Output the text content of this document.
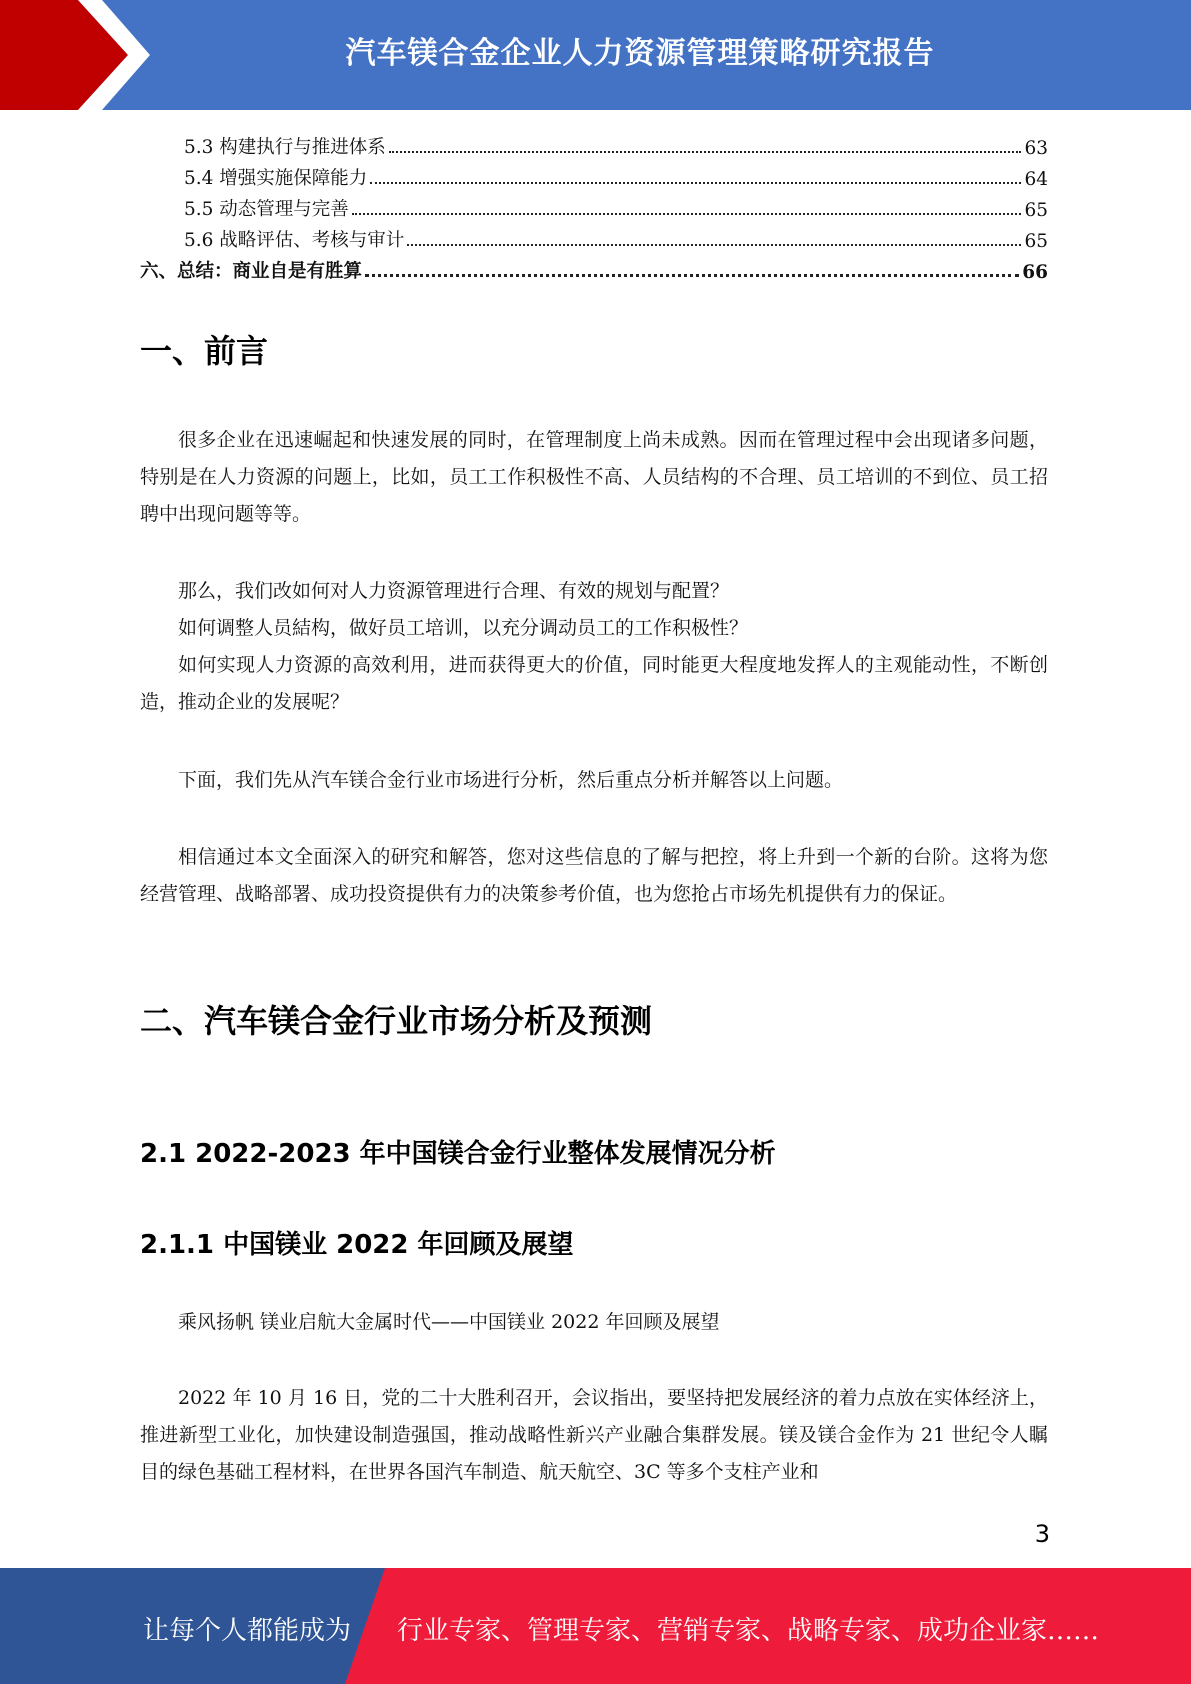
汽车镁合金企业人力资源管理策略研究报告
5.3 构建执行与推进体系	63
5.4 增强实施保障能力	64
5.5 动态管理与完善	65
5.6 战略评估、考核与审计	65
六、总结：商业自是有胜算	66
一、前言
很多企业在迅速崛起和快速发展的同时，在管理制度上尚未成熟。因而在管理过程中会出现诸多问题，特别是在人力资源的问题上，比如，员工工作积极性不高、人员结构的不合理、员工培训的不到位、员工招聘中出现问题等等。
那么，我们改如何对人力资源管理进行合理、有效的规划与配置？
如何调整人员結构，做好员工培训，以充分调动员工的工作积极性？
如何实现人力资源的高效利用，进而获得更大的价值，同时能更大程度地发挥人的主观能动性，不断创造，推动企业的发展呢？
下面，我们先从汽车镁合金行业市场进行分析，然后重点分析并解答以上问题。
相信通过本文全面深入的研究和解答，您对这些信息的了解与把控，将上升到一个新的台阶。这将为您经营管理、战略部署、成功投资提供有力的决策参考价值，也为您抢占市场先机提供有力的保证。
二、汽车镁合金行业市场分析及预测
2.1 2022-2023 年中国镁合金行业整体发展情况分析
2.1.1 中国镁业 2022 年回顾及展望
乘风扬帆 镁业启航大金属时代——中国镁业 2022 年回顾及展望
2022 年 10 月 16 日，党的二十大胜利召开，会议指出，要坚持把发展经济的着力点放在实体经济上，推进新型工业化，加快建设制造强国，推动战略性新兴产业融合集群发展。镁及镁合金作为 21 世纪令人瞩目的绿色基础工程材料，在世界各国汽车制造、航天航空、3C 等多个支柱产业和
3
让每个人都能成为 行业专家、管理专家、营销专家、战略专家、成功企业家……
